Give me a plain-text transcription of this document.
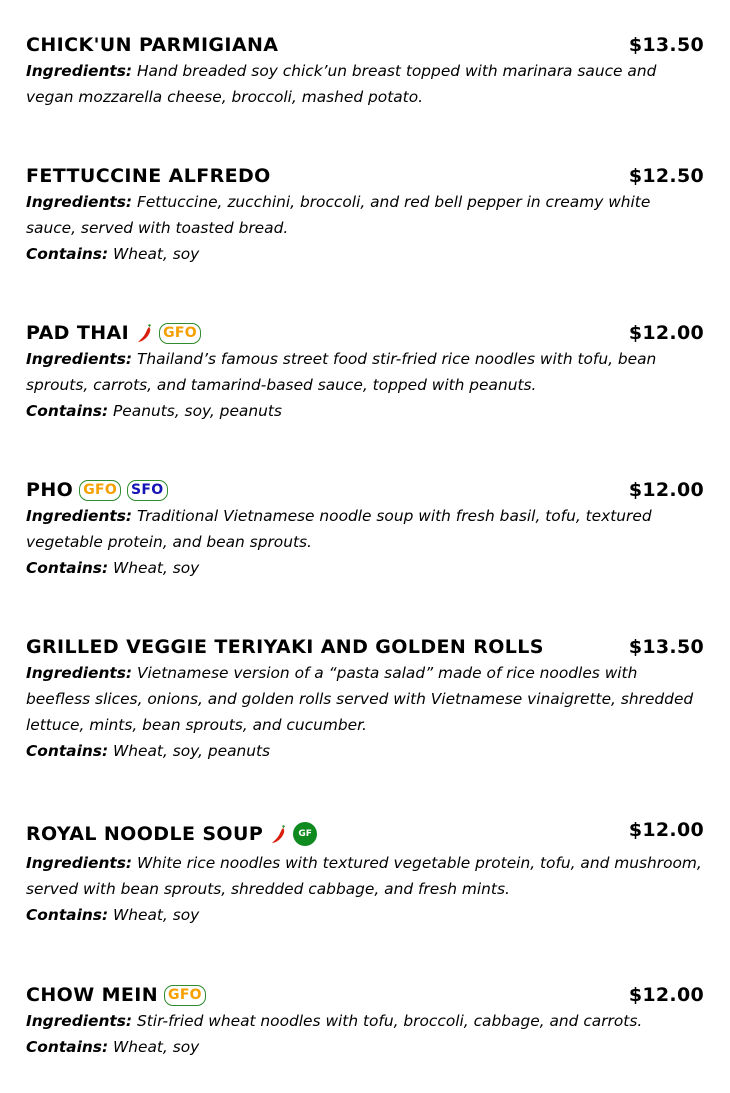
CHICK'UN PARMIGIANA	$13.50
Ingredients: Hand breaded soy chick’un breast topped with marinara sauce and vegan mozzarella cheese, broccoli, mashed potato.
FETTUCCINE ALFREDO	$12.50
Ingredients: Fettuccine, zucchini, broccoli, and red bell pepper in creamy white sauce, served with toasted bread.
Contains: Wheat, soy
PAD THAI GFO	$12.00
Ingredients: Thailand’s famous street food stir-fried rice noodles with tofu, bean sprouts, carrots, and tamarind-based sauce, topped with peanuts.
Contains: Peanuts, soy, peanuts
PHO GFO SFO	$12.00
Ingredients: Traditional Vietnamese noodle soup with fresh basil, tofu, textured vegetable protein, and bean sprouts.
Contains: Wheat, soy
GRILLED VEGGIE TERIYAKI AND GOLDEN ROLLS	$13.50
Ingredients: Vietnamese version of a “pasta salad” made of rice noodles with beefless slices, onions, and golden rolls served with Vietnamese vinaigrette, shredded lettuce, mints, bean sprouts, and cucumber.
Contains: Wheat, soy, peanuts
ROYAL NOODLE SOUP	GF	$12.00
Ingredients: White rice noodles with textured vegetable protein, tofu, and mushroom, served with bean sprouts, shredded cabbage, and fresh mints.
Contains: Wheat, soy
CHOW MEIN GFO	$12.00
Ingredients: Stir-fried wheat noodles with tofu, broccoli, cabbage, and carrots.
Contains: Wheat, soy
